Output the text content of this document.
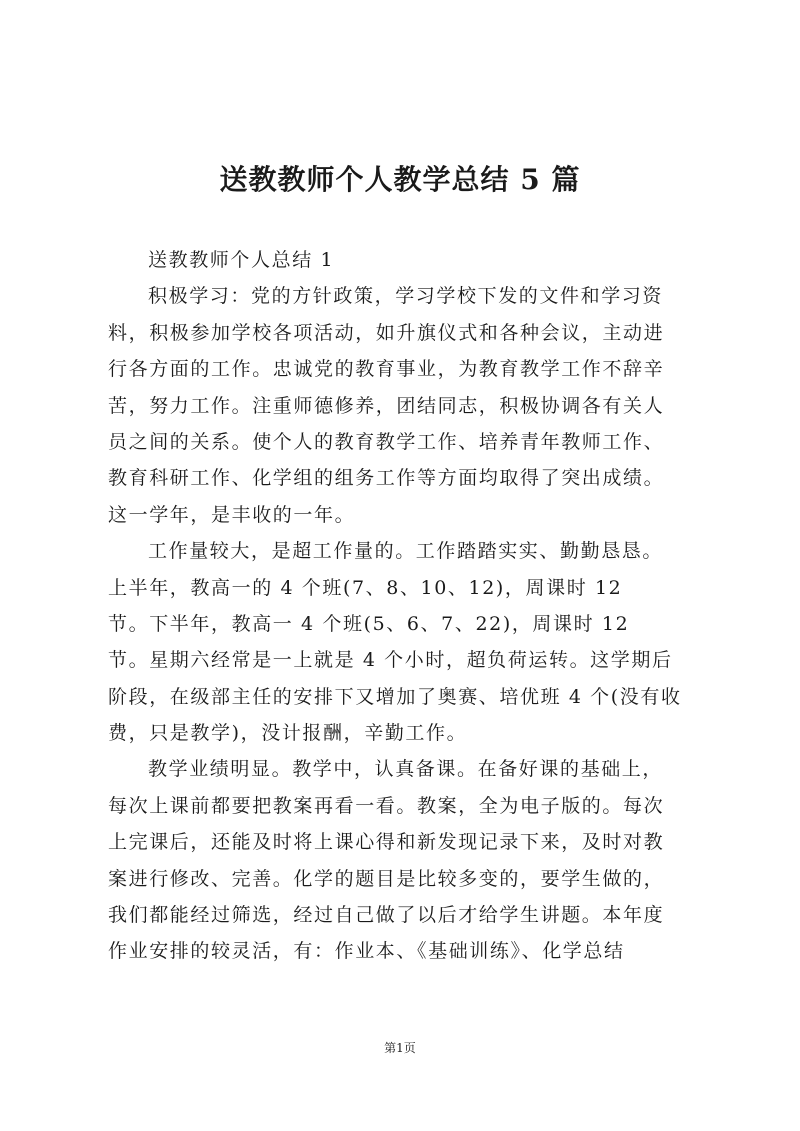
送教教师个人教学总结 5 篇
送教教师个人总结 1
积极学习：党的方针政策，学习学校下发的文件和学习资
料，积极参加学校各项活动，如升旗仪式和各种会议，主动进
行各方面的工作。忠诚党的教育事业，为教育教学工作不辞辛
苦，努力工作。注重师德修养，团结同志，积极协调各有关人
员之间的关系。使个人的教育教学工作、培养青年教师工作、
教育科研工作、化学组的组务工作等方面均取得了突出成绩。
这一学年，是丰收的一年。
工作量较大，是超工作量的。工作踏踏实实、勤勤恳恳。
上半年，教高一的 4 个班(7、8、10、12)，周课时 12
节。下半年，教高一 4 个班(5、6、7、22)，周课时 12
节。星期六经常是一上就是 4 个小时，超负荷运转。这学期后
阶段，在级部主任的安排下又增加了奥赛、培优班 4 个(没有收
费，只是教学)，没计报酬，辛勤工作。
教学业绩明显。教学中，认真备课。在备好课的基础上，
每次上课前都要把教案再看一看。教案，全为电子版的。每次
上完课后，还能及时将上课心得和新发现记录下来，及时对教
案进行修改、完善。化学的题目是比较多变的，要学生做的，
我们都能经过筛选，经过自己做了以后才给学生讲题。本年度
作业安排的较灵活，有：作业本、《基础训练》、化学总结
第1页
